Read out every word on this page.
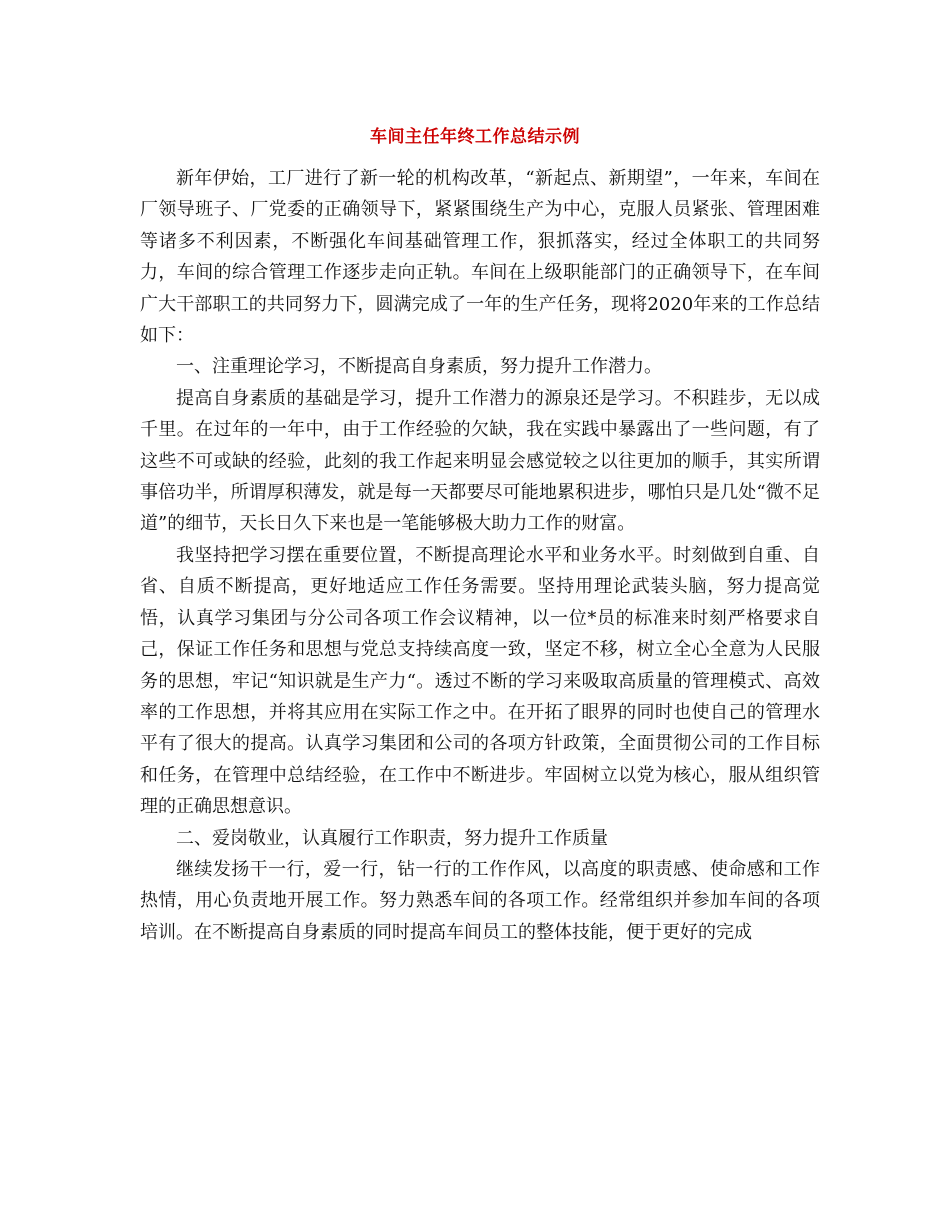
车间主任年终工作总结示例

新年伊始，工厂进行了新一轮的机构改革，“新起点、新期望”，一年来，车间在厂领导班子、厂党委的正确领导下，紧紧围绕生产为中心，克服人员紧张、管理困难等诸多不利因素，不断强化车间基础管理工作，狠抓落实，经过全体职工的共同努力，车间的综合管理工作逐步走向正轨。车间在上级职能部门的正确领导下，在车间广大干部职工的共同努力下，圆满完成了一年的生产任务，现将2020年来的工作总结如下：

一、注重理论学习，不断提高自身素质，努力提升工作潜力。

提高自身素质的基础是学习，提升工作潜力的源泉还是学习。不积跬步，无以成千里。在过年的一年中，由于工作经验的欠缺，我在实践中暴露出了一些问题，有了这些不可或缺的经验，此刻的我工作起来明显会感觉较之以往更加的顺手，其实所谓事倍功半，所谓厚积薄发，就是每一天都要尽可能地累积进步，哪怕只是几处“微不足道”的细节，天长日久下来也是一笔能够极大助力工作的财富。

我坚持把学习摆在重要位置，不断提高理论水平和业务水平。时刻做到自重、自省、自质不断提高，更好地适应工作任务需要。坚持用理论武装头脑，努力提高觉悟，认真学习集团与分公司各项工作会议精神，以一位*员的标准来时刻严格要求自己，保证工作任务和思想与党总支持续高度一致，坚定不移，树立全心全意为人民服务的思想，牢记“知识就是生产力“。透过不断的学习来吸取高质量的管理模式、高效率的工作思想，并将其应用在实际工作之中。在开拓了眼界的同时也使自己的管理水平有了很大的提高。认真学习集团和公司的各项方针政策，全面贯彻公司的工作目标和任务，在管理中总结经验，在工作中不断进步。牢固树立以党为核心，服从组织管理的正确思想意识。

二、爱岗敬业，认真履行工作职责，努力提升工作质量

继续发扬干一行，爱一行，钻一行的工作作风，以高度的职责感、使命感和工作热情，用心负责地开展工作。努力熟悉车间的各项工作。经常组织并参加车间的各项培训。在不断提高自身素质的同时提高车间员工的整体技能，便于更好的完成
